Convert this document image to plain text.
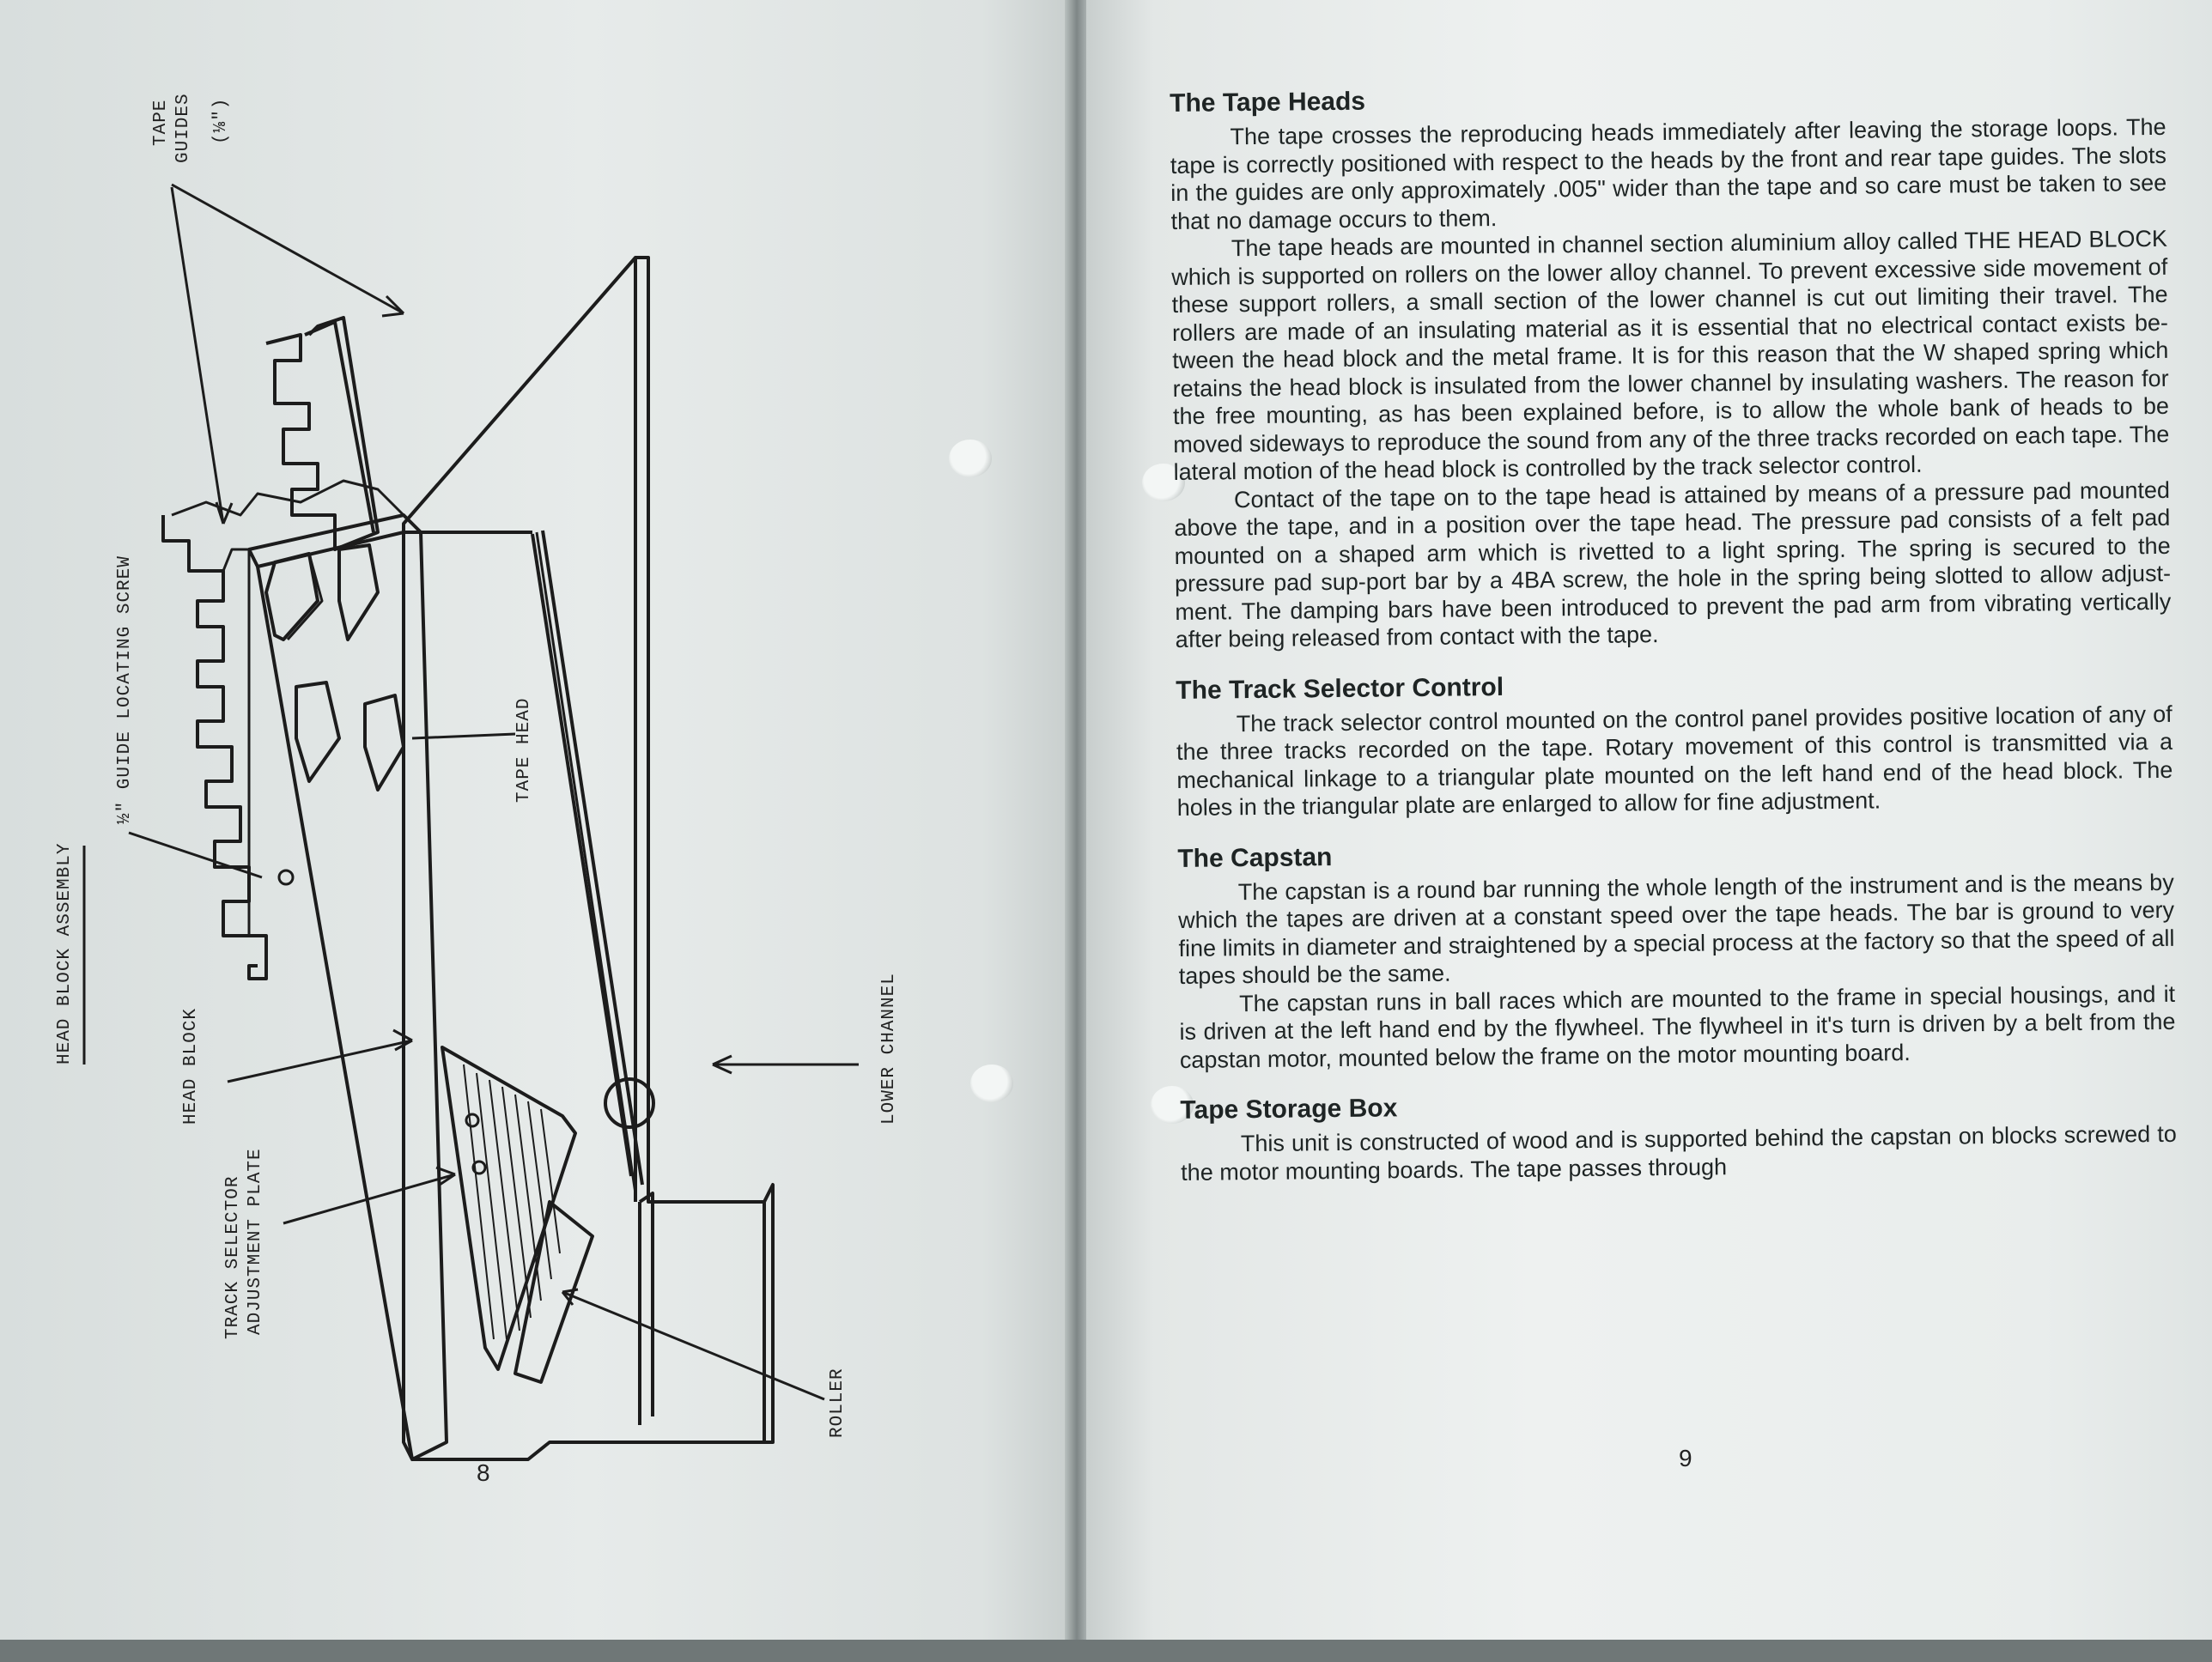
HEAD BLOCK ASSEMBLY
½" GUIDE LOCATING SCREW
HEAD BLOCK
TRACK SELECTOR ADJUSTMENT PLATE
TAPE HEAD
LOWER CHANNEL
ROLLER
TAPE GUIDES (⅛")
8
9
The Tape Heads

The tape crosses the reproducing heads immediately after leaving the storage loops. The tape is correctly positioned with respect to the heads by the front and rear tape guides. The slots in the guides are only approximately .005" wider than the tape and so care must be taken to see that no damage occurs to them.

The tape heads are mounted in channel section aluminium alloy called THE HEAD BLOCK which is supported on rollers on the lower alloy channel. To prevent excessive side movement of these support rollers, a small section of the lower channel is cut out limiting their travel. The rollers are made of an insulating material as it is essential that no electrical contact exists be-tween the head block and the metal frame. It is for this reason that the W shaped spring which retains the head block is insulated from the lower channel by insulating washers. The reason for the free mounting, as has been explained before, is to allow the whole bank of heads to be moved sideways to reproduce the sound from any of the three tracks recorded on each tape. The lateral motion of the head block is controlled by the track selector control.

Contact of the tape on to the tape head is attained by means of a pressure pad mounted above the tape, and in a position over the tape head. The pressure pad consists of a felt pad mounted on a shaped arm which is rivetted to a light spring. The spring is secured to the pressure pad sup-port bar by a 4BA screw, the hole in the spring being slotted to allow adjust-ment. The damping bars have been introduced to prevent the pad arm from vibrating vertically after being released from contact with the tape.

The Track Selector Control

The track selector control mounted on the control panel provides positive location of any of the three tracks recorded on the tape. Rotary movement of this control is transmitted via a mechanical linkage to a triangular plate mounted on the left hand end of the head block. The holes in the triangular plate are enlarged to allow for fine adjustment.

The Capstan

The capstan is a round bar running the whole length of the instrument and is the means by which the tapes are driven at a constant speed over the tape heads. The bar is ground to very fine limits in diameter and straightened by a special process at the factory so that the speed of all tapes should be the same.

The capstan runs in ball races which are mounted to the frame in special housings, and it is driven at the left hand end by the flywheel. The flywheel in it's turn is driven by a belt from the capstan motor, mounted below the frame on the motor mounting board.

Tape Storage Box

This unit is constructed of wood and is supported behind the capstan on blocks screwed to the motor mounting boards. The tape passes through
